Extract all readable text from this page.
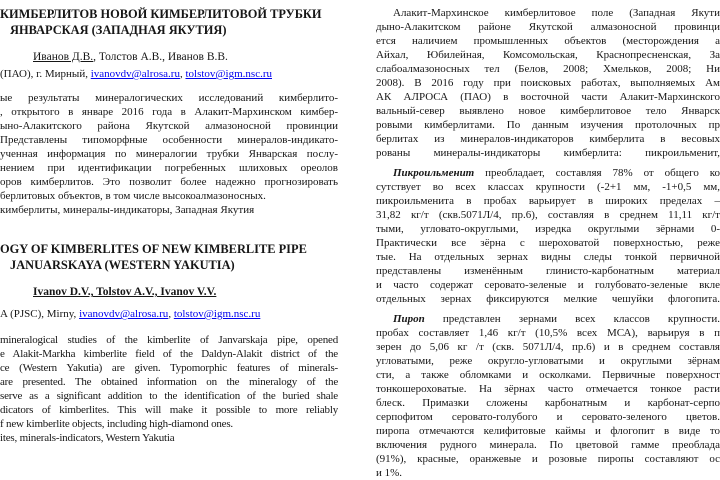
КИМБЕРЛИТОВ НОВОЙ КИМБЕРЛИТОВОЙ ТРУБКИ
ЯНВАРСКАЯ (ЗАПАДНАЯ ЯКУТИЯ)
Иванов Д.В., Толстов А.В., Иванов В.В.
(ПАО), г. Мирный, ivanovdv@alrosa.ru, tolstov@igm.nsc.ru
ые результаты минералогических исследований кимберлито-
, открытого в январе 2016 года в Алакит-Мархинском кимбер-
ыно-Алакитского района Якутской алмазоносной провинции
Представлены типоморфные особенности минералов-индикато-
ученная информация по минералогии трубки Январская послу-
нением при идентификации погребенных шлиховых ореолов
оров кимберлитов. Это позволит более надежно прогнозировать
берлитовых объектов, в том числе высокоалмазоносных.
кимберлиты, минералы-индикаторы, Западная Якутия
OGY OF KIMBERLITES OF NEW KIMBERLITE PIPE
JANUARSKAYA (WESTERN YAKUTIA)
Ivanov D.V., Tolstov A.V., Ivanov V.V.
A (PJSC), Mirny, ivanovdv@alrosa.ru, tolstov@igm.nsc.ru
mineralogical studies of the kimberlite of Janvarskaja pipe, opened
e Alakit-Markha kimberlite field of the Daldyn-Alakit district of the
ce (Western Yakutia) are given. Typomorphic features of minerals-
are presented. The obtained information on the mineralogy of the
serve as a significant addition to the identification of the buried shale
dicators of kimberlites. This will make it possible to more reliably
f new kimberlite objects, including high-diamond ones.
ites, minerals-indicators, Western Yakutia
Алакит-Мархинское кимберлитовое поле (Западная Якути
дыно-Алакитском районе Якутской алмазоносной провинци
ется наличием промышленных объектов (месторождения а
Айхал, Юбилейная, Комсомольская, Краснопресненская, За
слабоалмазоносных тел (Белов, 2008; Хмельков, 2008; Ни
2008). В 2016 году при поисковых работах, выполняемых Ам
АК АЛРОСА (ПАО) в восточной части Алакит-Мархинского
вальный-север выявлено новое кимберлитовое тело Январск
ровыми кимберлитами. По данным изучения протолочных пр
берлитах из минералов-индикаторов кимберлита в весовых
рованы минералы-индикаторы кимберлита: пикроильменит,
Пикроильменит преобладает, составляя 78% от общего ко
сутствует во всех классах крупности (-2+1 мм, -1+0,5 мм,
пикроильменита в пробах варьирует в широких пределах –
31,82 кг/т (скв.5071Л/4, пр.6), составляя в среднем 11,11 кг/т
тыми, угловато-округлыми, изредка округлыми зёрнами 0-
Практически все зёрна с шероховатой поверхностью, реже
тые. На отдельных зернах видны следы тонкой первичной
представлены изменённым глинисто-карбонатным материал
и часто содержат серовато-зеленые и голубовато-зеленые вкле
отдельных зернах фиксируются мелкие чешуйки флогопита.
Пироп представлен зернами всех классов крупности.
пробах составляет 1,46 кг/т (10,5% всех МСА), варьируя в п
зерен до 5,06 кг /т (скв. 5071Л/4, пр.6) и в среднем составля
угловатыми, реже округло-угловатыми и округлыми зёрнам
сти, а также обломками и осколками. Первичные поверхност
тонкошероховатые. На зёрнах часто отмечается тонкое расти
блеск. Примазки сложены карбонатным и карбонат-серпо
серпофитом серовато-голубого и серовато-зеленого цветов.
пиропа отмечаются келифитовые каймы и флогопит в виде то
включения рудного минерала. По цветовой гамме преоблада
(91%), красные, оранжевые и розовые пиропы составляют ос
и 1%.
